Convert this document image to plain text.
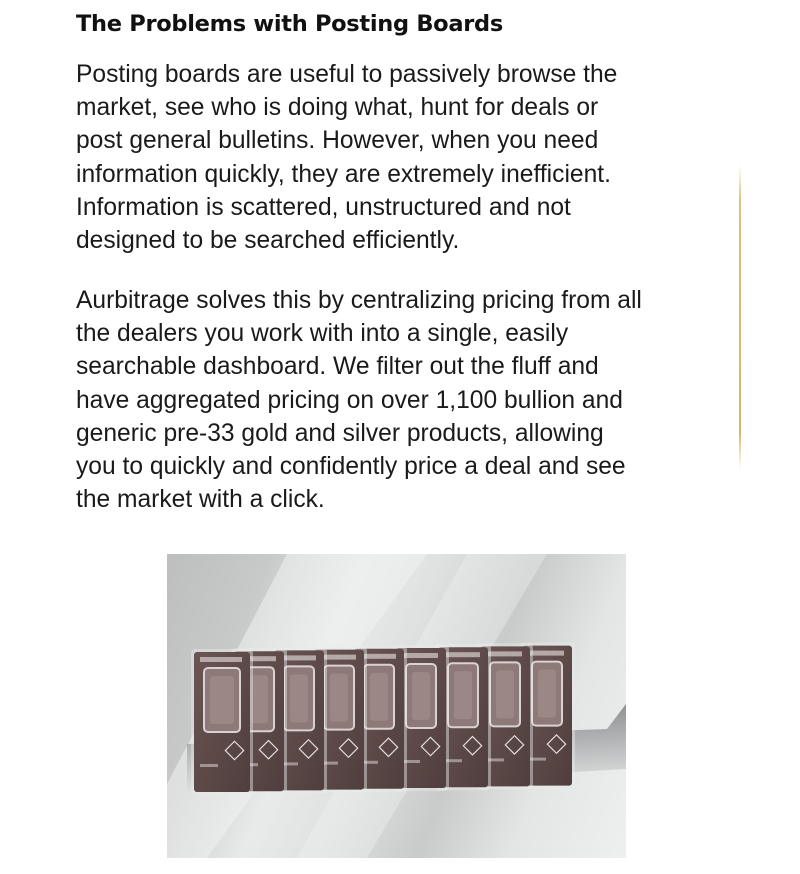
The Problems with Posting Boards

Posting boards are useful to passively browse the
market, see who is doing what, hunt for deals or
post general bulletins. However, when you need
information quickly, they are extremely inefficient.
Information is scattered, unstructured and not
designed to be searched efficiently.

Aurbitrage solves this by centralizing pricing from all
the dealers you work with into a single, easily
searchable dashboard. We filter out the fluff and
have aggregated pricing on over 1,100 bullion and
generic pre-33 gold and silver products, allowing
you to quickly and confidently price a deal and see
the market with a click.
